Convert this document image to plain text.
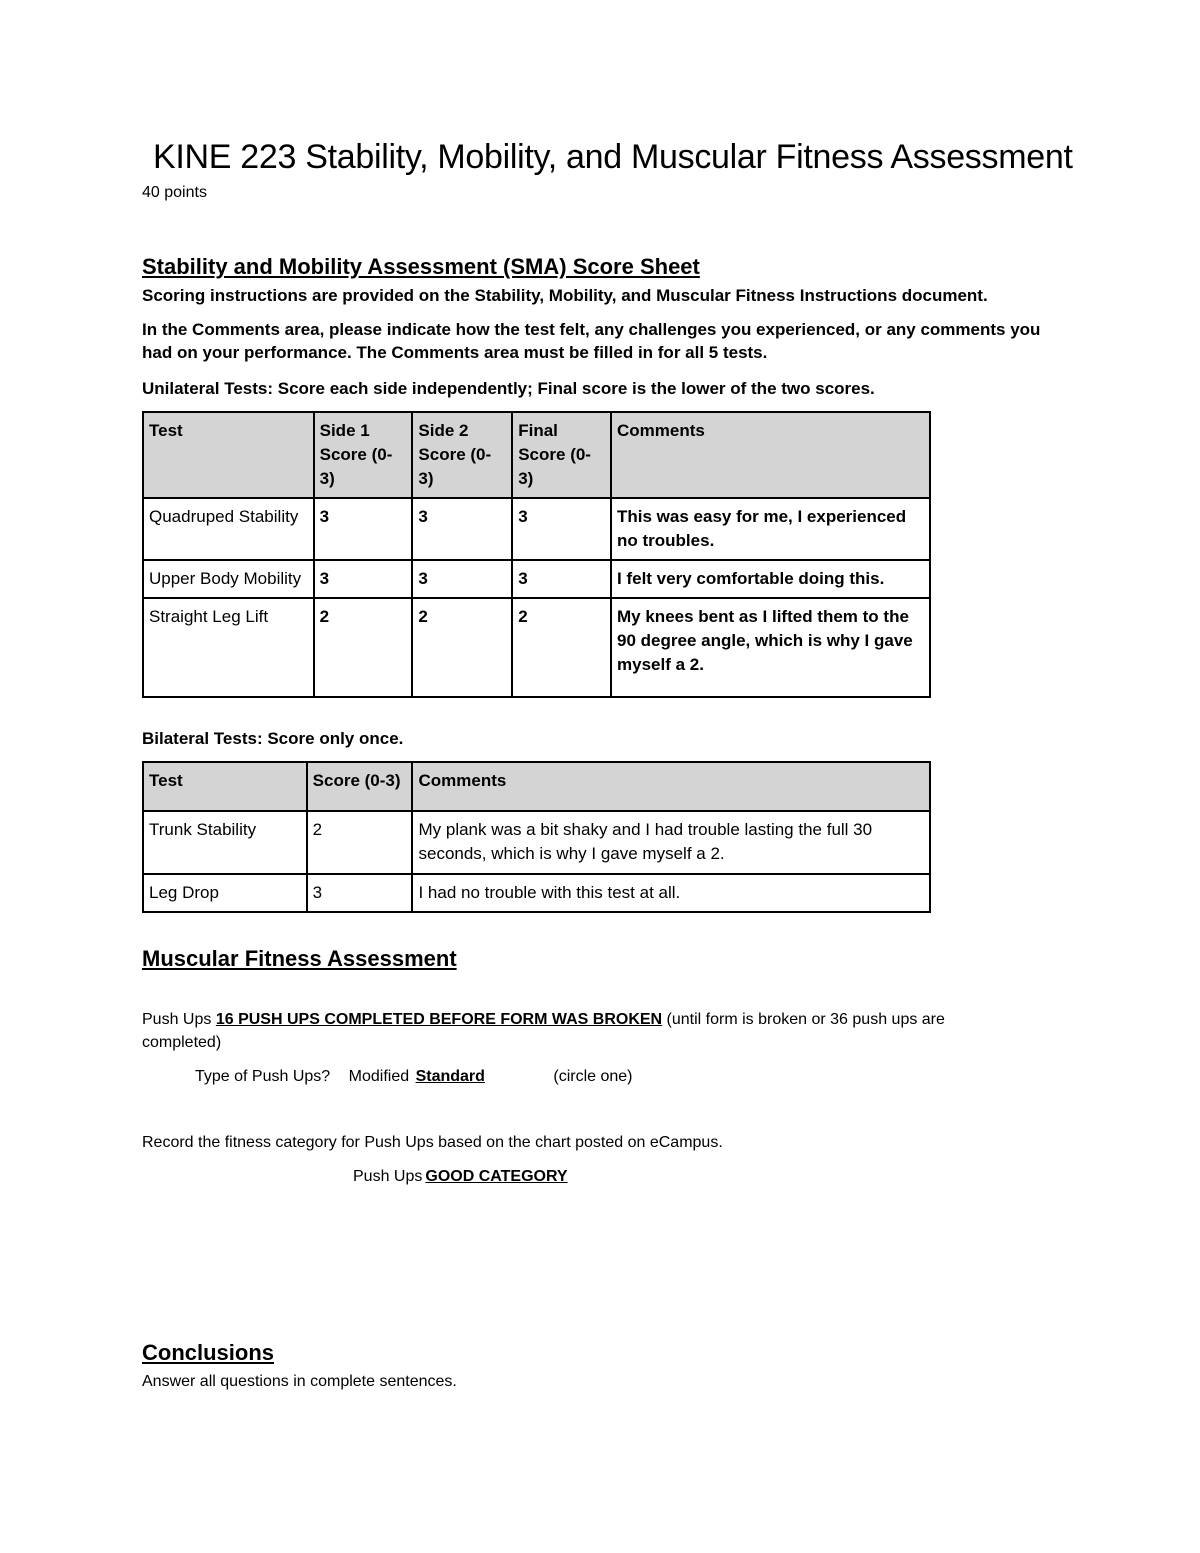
KINE 223 Stability, Mobility, and Muscular Fitness Assessment
40 points
Stability and Mobility Assessment (SMA) Score Sheet
Scoring instructions are provided on the Stability, Mobility, and Muscular Fitness Instructions document.
In the Comments area, please indicate how the test felt, any challenges you experienced, or any comments you had on your performance. The Comments area must be filled in for all 5 tests.
Unilateral Tests: Score each side independently; Final score is the lower of the two scores.
Test	Side 1 Score (0-3)	Side 2 Score (0-3)	Final Score (0-3)	Comments
Quadruped Stability	3	3	3	This was easy for me, I experienced no troubles.
Upper Body Mobility	3	3	3	I felt very comfortable doing this.
Straight Leg Lift	2	2	2	My knees bent as I lifted them to the 90 degree angle, which is why I gave myself a 2.
Bilateral Tests: Score only once.
Test	Score (0-3)	Comments
Trunk Stability	2	My plank was a bit shaky and I had trouble lasting the full 30 seconds, which is why I gave myself a 2.
Leg Drop	3	I had no trouble with this test at all.
Muscular Fitness Assessment
Push Ups 16 PUSH UPS COMPLETED BEFORE FORM WAS BROKEN (until form is broken or 36 push ups are
completed)
Type of Push Ups? Modified Standard	(circle one)
Record the fitness category for Push Ups based on the chart posted on eCampus.
Push Ups GOOD CATEGORY
Conclusions
Answer all questions in complete sentences.
